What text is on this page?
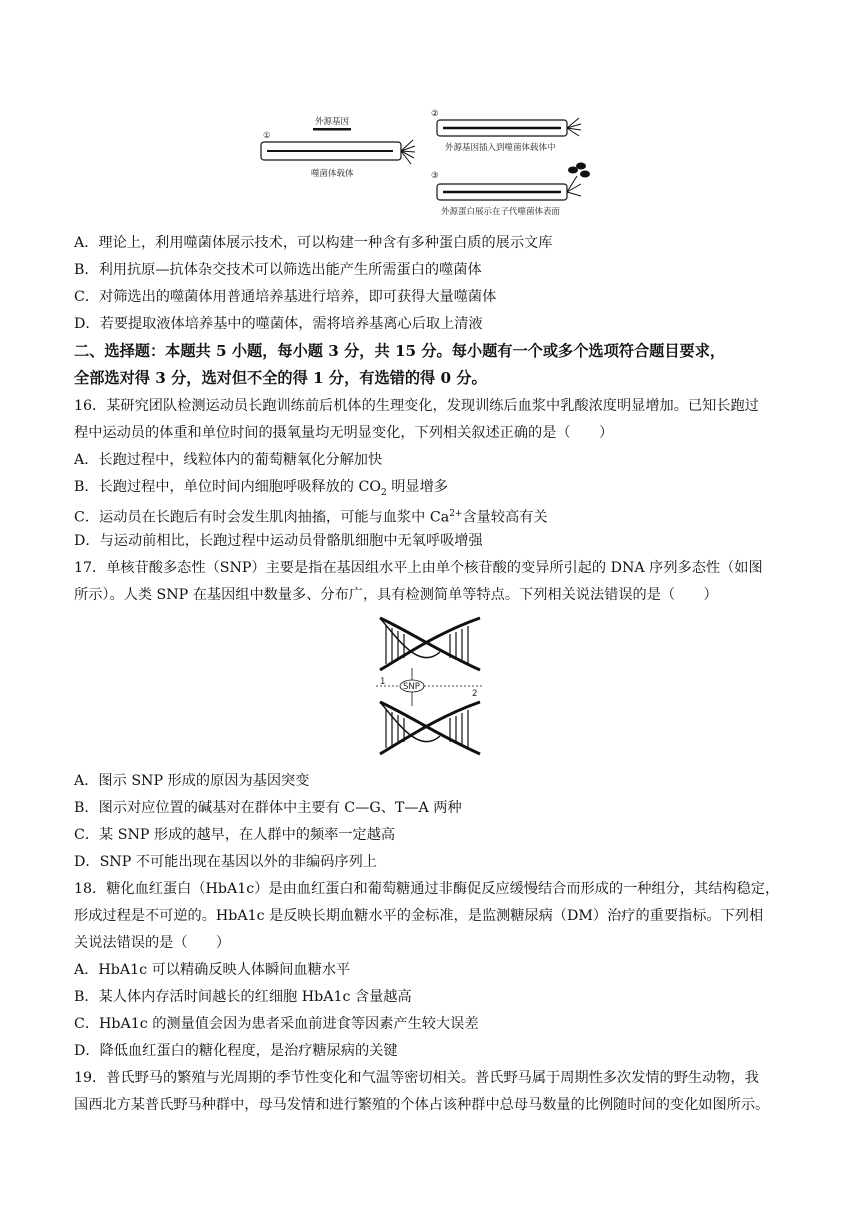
①
外源基因
噬菌体载体
②
外源基因插入到噬菌体载体中
③
外源蛋白展示在子代噬菌体表面
A．理论上，利用噬菌体展示技术，可以构建一种含有多种蛋白质的展示文库
B．利用抗原—抗体杂交技术可以筛选出能产生所需蛋白的噬菌体
C．对筛选出的噬菌体用普通培养基进行培养，即可获得大量噬菌体
D．若要提取液体培养基中的噬菌体，需将培养基离心后取上清液
二、选择题：本题共 5 小题，每小题 3 分，共 15 分。每小题有一个或多个选项符合题目要求，
全部选对得 3 分，选对但不全的得 1 分，有选错的得 0 分。
16．某研究团队检测运动员长跑训练前后机体的生理变化，发现训练后血浆中乳酸浓度明显增加。已知长跑过
程中运动员的体重和单位时间的摄氧量均无明显变化，下列相关叙述正确的是（　　）
A．长跑过程中，线粒体内的葡萄糖氧化分解加快
B．长跑过程中，单位时间内细胞呼吸释放的 $CO_2$ 明显增多
C．运动员在长跑后有时会发生肌肉抽搐，可能与血浆中 $Ca^{2+}$含量较高有关
D．与运动前相比，长跑过程中运动员骨骼肌细胞中无氧呼吸增强
17．单核苷酸多态性（SNP）主要是指在基因组水平上由单个核苷酸的变异所引起的 DNA 序列多态性（如图
所示）。人类 SNP 在基因组中数量多、分布广，具有检测简单等特点。下列相关说法错误的是（　　）
1
2
SNP
A．图示 SNP 形成的原因为基因突变
B．图示对应位置的碱基对在群体中主要有 C—G、T—A 两种
C．某 SNP 形成的越早，在人群中的频率一定越高
D．SNP 不可能出现在基因以外的非编码序列上
18．糖化血红蛋白（HbA1c）是由血红蛋白和葡萄糖通过非酶促反应缓慢结合而形成的一种组分，其结构稳定，
形成过程是不可逆的。HbA1c 是反映长期血糖水平的金标准，是监测糖尿病（DM）治疗的重要指标。下列相
关说法错误的是（　　）
A．HbA1c 可以精确反映人体瞬间血糖水平
B．某人体内存活时间越长的红细胞 HbA1c 含量越高
C．HbA1c 的测量值会因为患者采血前进食等因素产生较大误差
D．降低血红蛋白的糖化程度，是治疗糖尿病的关键
19．普氏野马的繁殖与光周期的季节性变化和气温等密切相关。普氏野马属于周期性多次发情的野生动物，我
国西北方某普氏野马种群中，母马发情和进行繁殖的个体占该种群中总母马数量的比例随时间的变化如图所示。
